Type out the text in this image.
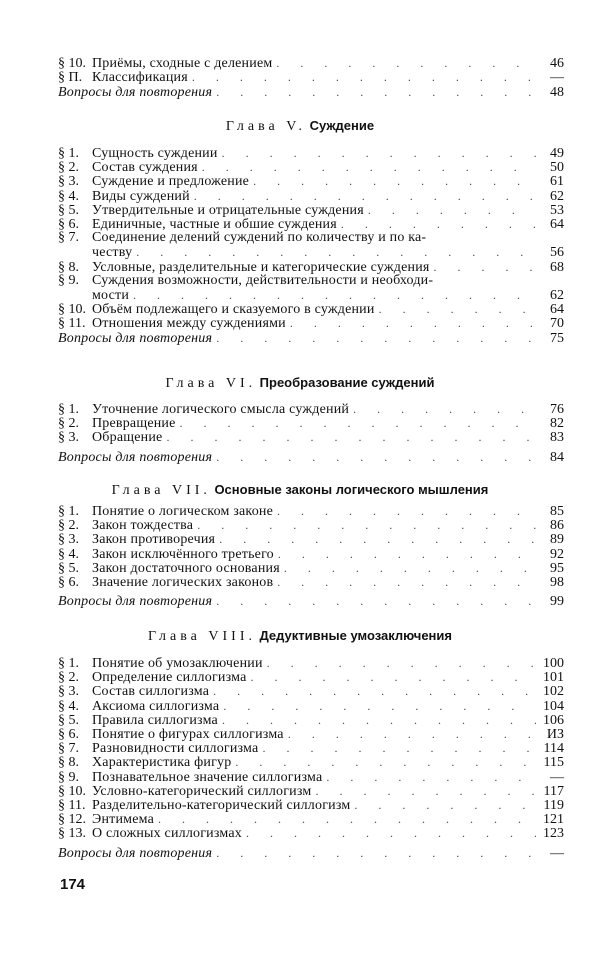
§ 10. Приёмы, сходные с делением . . .	46
§ П. Классификация . . .	—
Вопросы для повторения . . .	48
Глава V. Суждение
§ 1. Сущность суждении . . .	49
§ 2. Состав суждения . . .	50
§ 3. Суждение и предложение . . .	61
§ 4. Виды суждений . . .	62
§ 5. Утвердительные и отрицательные суждения . . .	53
§ 6. Единичные, частные и обшие суждения . . .	64
§ 7. Соединение делений суждений по количеству и по ка-
честву . . .	56
§ 8. Условные, разделительные и категорические суждения . . .	68
§ 9. Суждения возможности, действительности и необходи-
мости . . .	62
§ 10. Объём подлежащего и сказуемого в суждении . . .	64
§ 11. Отношения между суждениями . . .	70
Вопросы для повторения . . .	75
Глава VI. Преобразование суждений
§ 1. Уточнение логического смысла суждений . . .	76
§ 2. Превращение . . .	82
§ 3. Обращение . . .	83
Вопросы для повторения . . .	84
Глава VII. Основные законы логического мышления
§ 1. Понятие о логическом законе . . .	85
§ 2. Закон тождества . . .	86
§ 3. Закон противоречия . . .	89
§ 4. Закон исключённого третьего . . .	92
§ 5. Закон достаточного основания . . .	95
§ 6. Значение логических законов . . .	98
Вопросы для повторения . . .	99
Глава VIII. Дедуктивные умозаключения
§ 1. Понятие об умозаключении . . .	100
§ 2. Определение силлогизма . . .	101
§ 3. Состав силлогизма . . .	102
§ 4. Аксиома силлогизма . . .	104
§ 5. Правила силлогизма . . .	106
§ 6. Понятие о фигурах силлогизма . . .	ИЗ
§ 7. Разновидности силлогизма . . .	114
§ 8. Характеристика фигур . . .	115
§ 9. Познавательное значение силлогизма . . .	—
§ 10. Условно-категорический силлогизм . . .	117
§ 11. Разделительно-категорический силлогизм . . .	119
§ 12. Энтимема . . .	121
§ 13. О сложных силлогизмах . . .	123
Вопросы для повторения . . .	—
174
